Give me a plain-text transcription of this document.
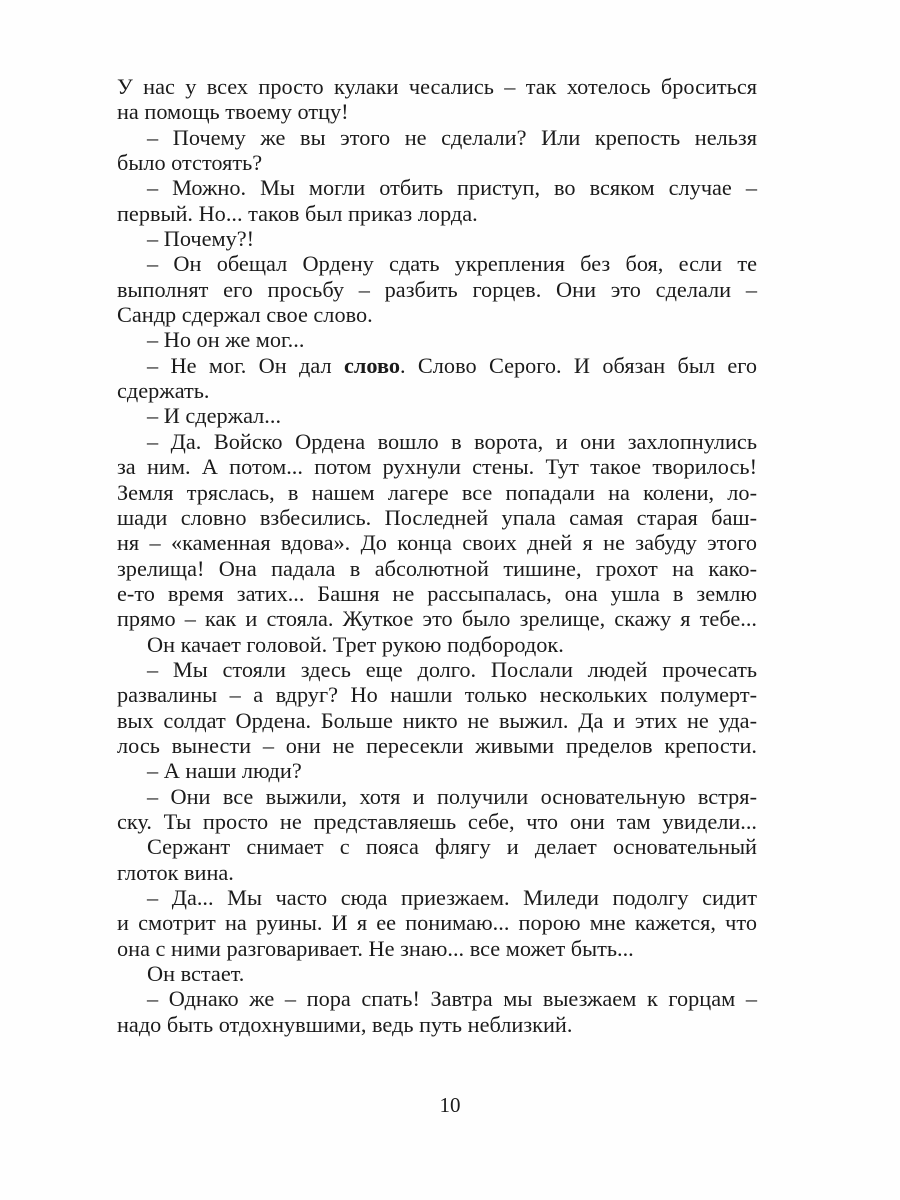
У нас у всех просто кулаки чесались – так хотелось броситься
на помощь твоему отцу!
– Почему же вы этого не сделали? Или крепость нельзя
было отстоять?
– Можно. Мы могли отбить приступ, во всяком случае –
первый. Но... таков был приказ лорда.
– Почему?!
– Он обещал Ордену сдать укрепления без боя, если те
выполнят его просьбу – разбить горцев. Они это сделали –
Сандр сдержал свое слово.
– Но он же мог...
– Не мог. Он дал слово. Слово Серого. И обязан был его
сдержать.
– И сдержал...
– Да. Войско Ордена вошло в ворота, и они захлопнулись
за ним. А потом... потом рухнули стены. Тут такое творилось!
Земля тряслась, в нашем лагере все попадали на колени, ло-
шади словно взбесились. Последней упала самая старая баш-
ня – «каменная вдова». До конца своих дней я не забуду этого
зрелища! Она падала в абсолютной тишине, грохот на како-
е-то время затих... Башня не рассыпалась, она ушла в землю
прямо – как и стояла. Жуткое это было зрелище, скажу я тебе...
Он качает головой. Трет рукою подбородок.
– Мы стояли здесь еще долго. Послали людей прочесать
развалины – а вдруг? Но нашли только нескольких полумерт-
вых солдат Ордена. Больше никто не выжил. Да и этих не уда-
лось вынести – они не пересекли живыми пределов крепости.
– А наши люди?
– Они все выжили, хотя и получили основательную встря-
ску. Ты просто не представляешь себе, что они там увидели...
Сержант снимает с пояса флягу и делает основательный
глоток вина.
– Да... Мы часто сюда приезжаем. Миледи подолгу сидит
и смотрит на руины. И я ее понимаю... порою мне кажется, что
она с ними разговаривает. Не знаю... все может быть...
Он встает.
– Однако же – пора спать! Завтра мы выезжаем к горцам –
надо быть отдохнувшими, ведь путь неблизкий.
10
